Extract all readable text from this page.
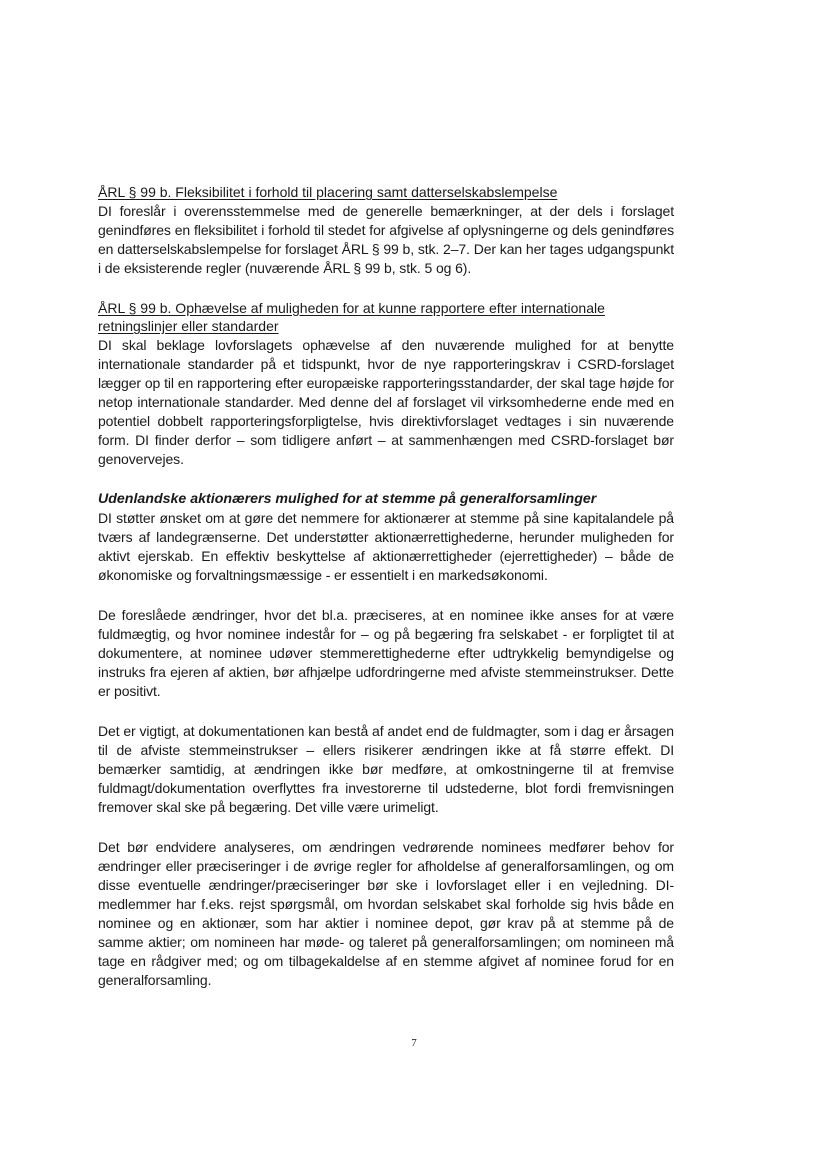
ÅRL § 99 b. Fleksibilitet i forhold til placering samt datterselskabslempelse

DI foreslår i overensstemmelse med de generelle bemærkninger, at der dels i forslaget genindføres en fleksibilitet i forhold til stedet for afgivelse af oplysningerne og dels genindføres en datterselskabslempelse for forslaget ÅRL § 99 b, stk. 2–7. Der kan her tages udgangspunkt i de eksisterende regler (nuværende ÅRL § 99 b, stk. 5 og 6).

ÅRL § 99 b. Ophævelse af muligheden for at kunne rapportere efter internationale retningslinjer eller standarder

DI skal beklage lovforslagets ophævelse af den nuværende mulighed for at benytte internationale standarder på et tidspunkt, hvor de nye rapporteringskrav i CSRD-forslaget lægger op til en rapportering efter europæiske rapporteringsstandarder, der skal tage højde for netop internationale standarder. Med denne del af forslaget vil virksomhederne ende med en potentiel dobbelt rapporteringsforpligtelse, hvis direktivforslaget vedtages i sin nuværende form. DI finder derfor – som tidligere anført – at sammenhængen med CSRD-forslaget bør genovervejes.

Udenlandske aktionærers mulighed for at stemme på generalforsamlinger

DI støtter ønsket om at gøre det nemmere for aktionærer at stemme på sine kapitalandele på tværs af landegrænserne. Det understøtter aktionærrettighederne, herunder muligheden for aktivt ejerskab. En effektiv beskyttelse af aktionærrettigheder (ejerrettigheder) – både de økonomiske og forvaltningsmæssige - er essentielt i en markedsøkonomi.

De foreslåede ændringer, hvor det bl.a. præciseres, at en nominee ikke anses for at være fuldmægtig, og hvor nominee indestår for – og på begæring fra selskabet - er forpligtet til at dokumentere, at nominee udøver stemmerettighederne efter udtrykkelig bemyndigelse og instruks fra ejeren af aktien, bør afhjælpe udfordringerne med afviste stemmeinstrukser. Dette er positivt.

Det er vigtigt, at dokumentationen kan bestå af andet end de fuldmagter, som i dag er årsagen til de afviste stemmeinstrukser – ellers risikerer ændringen ikke at få større effekt. DI bemærker samtidig, at ændringen ikke bør medføre, at omkostningerne til at fremvise fuldmagt/dokumentation overflyttes fra investorerne til udstederne, blot fordi fremvisningen fremover skal ske på begæring. Det ville være urimeligt.

Det bør endvidere analyseres, om ændringen vedrørende nominees medfører behov for ændringer eller præciseringer i de øvrige regler for afholdelse af generalforsamlingen, og om disse eventuelle ændringer/præciseringer bør ske i lovforslaget eller i en vejledning. DI-medlemmer har f.eks. rejst spørgsmål, om hvordan selskabet skal forholde sig hvis både en nominee og en aktionær, som har aktier i nominee depot, gør krav på at stemme på de samme aktier; om nomineen har møde- og taleret på generalforsamlingen; om nomineen må tage en rådgiver med; og om tilbagekaldelse af en stemme afgivet af nominee forud for en generalforsamling.

7
